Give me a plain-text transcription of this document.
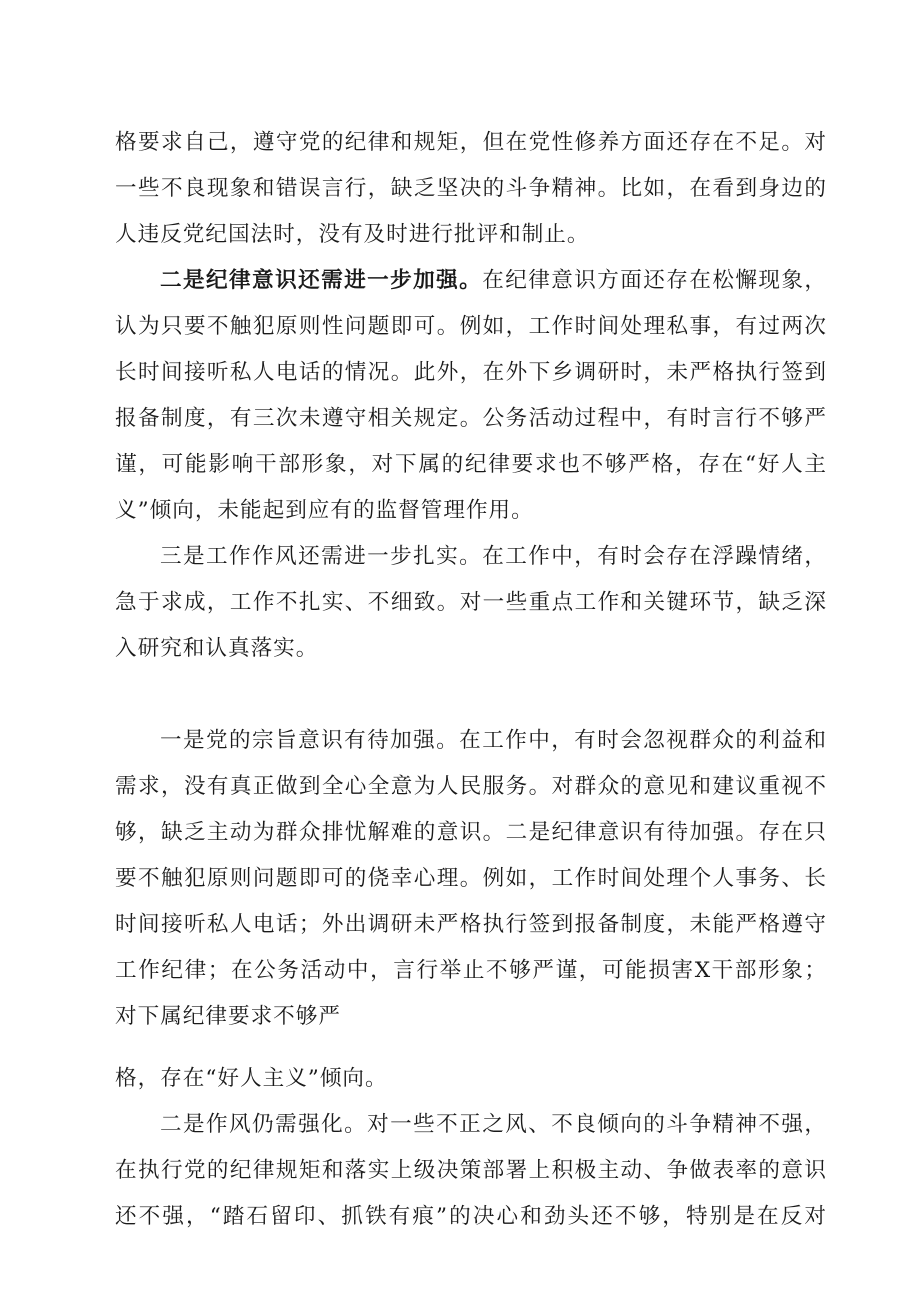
格要求自己，遵守党的纪律和规矩，但在党性修养方面还存在不足。对
一些不良现象和错误言行，缺乏坚决的斗争精神。比如，在看到身边的
人违反党纪国法时，没有及时进行批评和制止。
二是纪律意识还需进一步加强。在纪律意识方面还存在松懈现象，
认为只要不触犯原则性问题即可。例如，工作时间处理私事，有过两次
长时间接听私人电话的情况。此外，在外下乡调研时，未严格执行签到
报备制度，有三次未遵守相关规定。公务活动过程中，有时言行不够严
谨，可能影响干部形象，对下属的纪律要求也不够严格，存在“好人主
义”倾向，未能起到应有的监督管理作用。
三是工作作风还需进一步扎实。在工作中，有时会存在浮躁情绪，
急于求成，工作不扎实、不细致。对一些重点工作和关键环节，缺乏深
入研究和认真落实。
一是党的宗旨意识有待加强。在工作中，有时会忽视群众的利益和
需求，没有真正做到全心全意为人民服务。对群众的意见和建议重视不
够，缺乏主动为群众排忧解难的意识。二是纪律意识有待加强。存在只
要不触犯原则问题即可的侥幸心理。例如，工作时间处理个人事务、长
时间接听私人电话；外出调研未严格执行签到报备制度，未能严格遵守
工作纪律；在公务活动中，言行举止不够严谨，可能损害X干部形象；
对下属纪律要求不够严
格，存在“好人主义”倾向。
二是作风仍需强化。对一些不正之风、不良倾向的斗争精神不强，
在执行党的纪律规矩和落实上级决策部署上积极主动、争做表率的意识
还不强，“踏石留印、抓铁有痕”的决心和劲头还不够，特别是在反对
